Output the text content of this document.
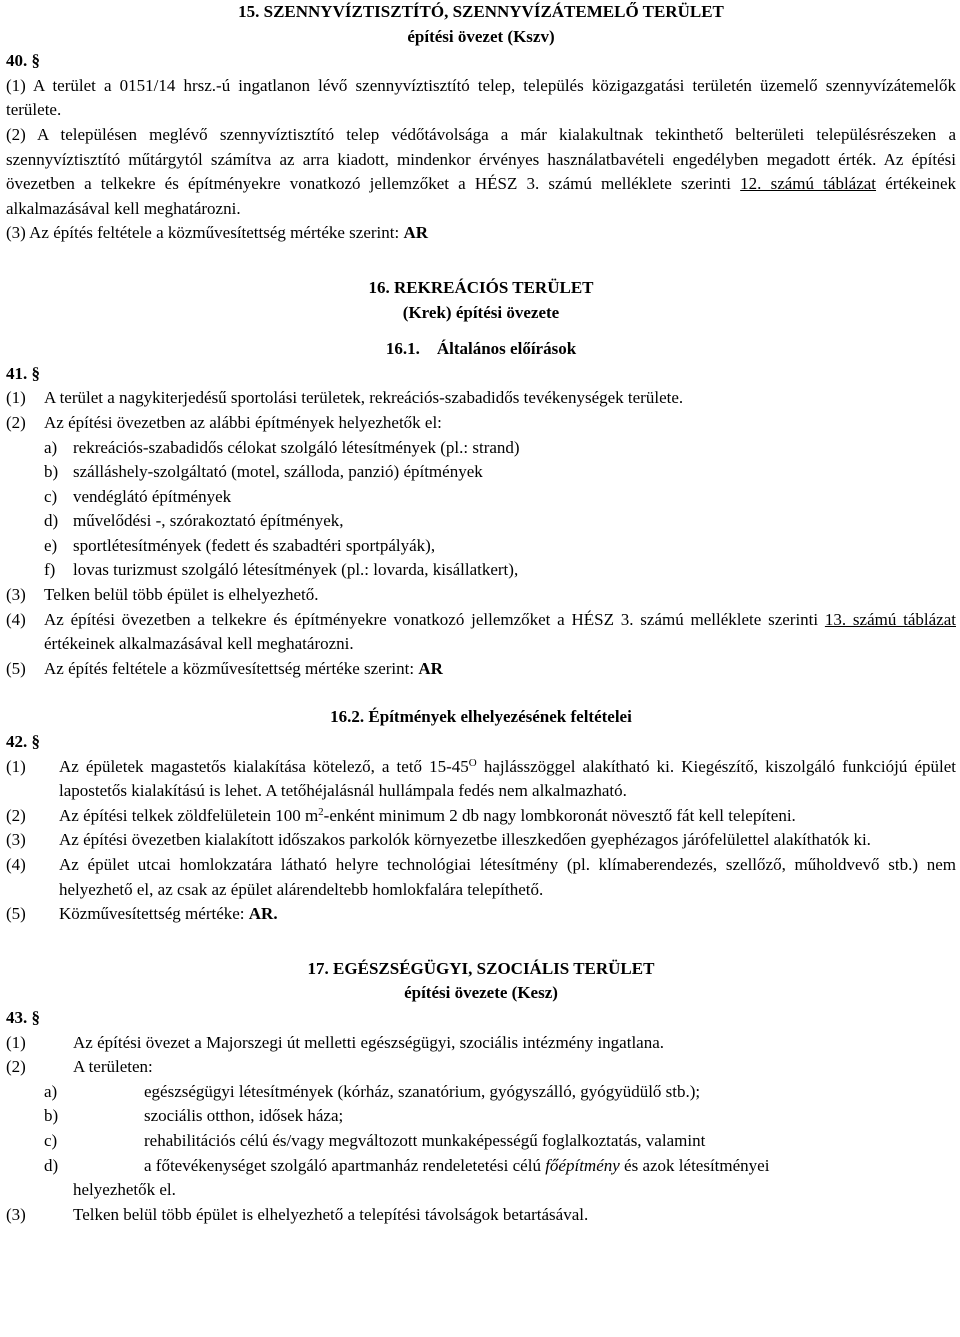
15. SZENNYVÍZTISZTÍTÓ, SZENNYVÍZÁTEMELŐ TERÜLET

építési övezet (Kszv)

40. §

(1) A terület a 0151/14 hrsz.-ú ingatlanon lévő szennyvíztisztító telep, település közigazgatási területén üzemelő szennyvízátemelők területe.

(2) A településen meglévő szennyvíztisztító telep védőtávolsága a már kialakultnak tekinthető belterületi településrészeken a szennyvíztisztító műtárgytól számítva az arra kiadott, mindenkor érvényes használatbavételi engedélyben megadott érték. Az építési övezetben a telkekre és építményekre vonatkozó jellemzőket a HÉSZ 3. számú melléklete szerinti 12. számú táblázat értékeinek alkalmazásával kell meghatározni.

(3) Az építés feltétele a közművesítettség mértéke szerint: AR

16. REKREÁCIÓS TERÜLET

(Krek) építési övezete

16.1.    Általános előírások

41. §

(1)	A terület a nagykiterjedésű sportolási területek, rekreációs-szabadidős tevékenységek területe.
(2)	Az építési övezetben az alábbi építmények helyezhetők el:
a) rekreációs-szabadidős célokat szolgáló létesítmények (pl.: strand)
b) szálláshely-szolgáltató (motel, szálloda, panzió) építmények
c) vendéglátó építmények
d) művelődési -, szórakoztató építmények,
e) sportlétesítmények (fedett és szabadtéri sportpályák),
f)	lovas turizmust szolgáló létesítmények (pl.: lovarda, kisállatkert),
(3)	Telken belül több épület is elhelyezhető.
(4)	Az építési övezetben a telkekre és építményekre vonatkozó jellemzőket a HÉSZ 3. számú melléklete szerinti 13. számú táblázat értékeinek alkalmazásával kell meghatározni.
(5)	Az építés feltétele a közművesítettség mértéke szerint: AR

16.2. Építmények elhelyezésének feltételei

42. §

(1)	Az épületek magastetős kialakítása kötelező, a tető $15-45^O$ hajlásszöggel alakítható ki. Kiegészítő, kiszolgáló funkciójú épület lapostetős kialakítású is lehet. A tetőhéjalásnál hullámpala fedés nem alkalmazható.
(2)	Az építési telkek zöldfelületein 100 $m^2$-enként minimum 2 db nagy lombkoronát növesztő fát kell telepíteni.
(3)	Az építési övezetben kialakított időszakos parkolók környezetbe illeszkedően gyephézagos járófelülettel alakíthatók ki.
(4)	Az épület utcai homlokzatára látható helyre technológiai létesítmény (pl. klímaberendezés, szellőző, műholdvevő stb.) nem helyezhető el, az csak az épület alárendeltebb homlokfalára telepíthető.
(5)	Közművesítettség mértéke: AR.

17. EGÉSZSÉGÜGYI, SZOCIÁLIS TERÜLET

építési övezete (Kesz)

43. §

(1)	Az építési övezet a Majorszegi út melletti egészségügyi, szociális intézmény ingatlana.
(2)	A területen:
a)	egészségügyi létesítmények (kórház, szanatórium, gyógyszálló, gyógyüdülő stb.);
b)	szociális otthon, idősek háza;
c)	rehabilitációs célú és/vagy megváltozott munkaképességű foglalkoztatás, valamint
d)	a főtevékenységet szolgáló apartmanház rendeletetési célú főépítmény és azok létesítményei

helyezhetők el.

(3)	Telken belül több épület is elhelyezhető a telepítési távolságok betartásával.
